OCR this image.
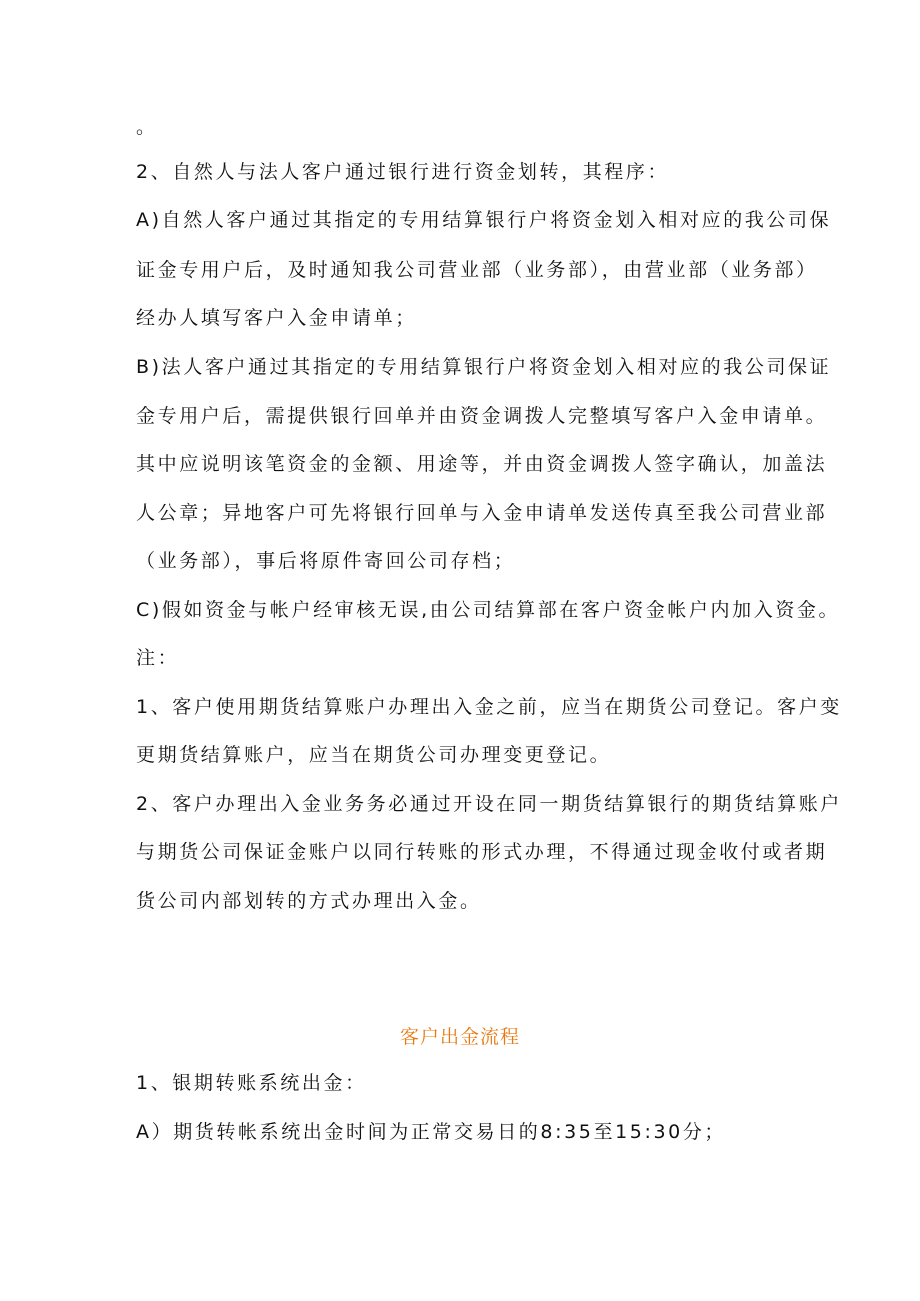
。
2、自然人与法人客户通过银行进行资金划转，其程序：
A)自然人客户通过其指定的专用结算银行户将资金划入相对应的我公司保
证金专用户后，及时通知我公司营业部（业务部），由营业部（业务部）
经办人填写客户入金申请单；
B)法人客户通过其指定的专用结算银行户将资金划入相对应的我公司保证
金专用户后，需提供银行回单并由资金调拨人完整填写客户入金申请单。
其中应说明该笔资金的金额、用途等，并由资金调拨人签字确认，加盖法
人公章；异地客户可先将银行回单与入金申请单发送传真至我公司营业部
（业务部），事后将原件寄回公司存档；
C)假如资金与帐户经审核无误,由公司结算部在客户资金帐户内加入资金。
注：
1、客户使用期货结算账户办理出入金之前，应当在期货公司登记。客户变
更期货结算账户，应当在期货公司办理变更登记。
2、客户办理出入金业务务必通过开设在同一期货结算银行的期货结算账户
与期货公司保证金账户以同行转账的形式办理，不得通过现金收付或者期
货公司内部划转的方式办理出入金。
客户出金流程
1、银期转账系统出金：
A）期货转帐系统出金时间为正常交易日的8:35至15:30分；
